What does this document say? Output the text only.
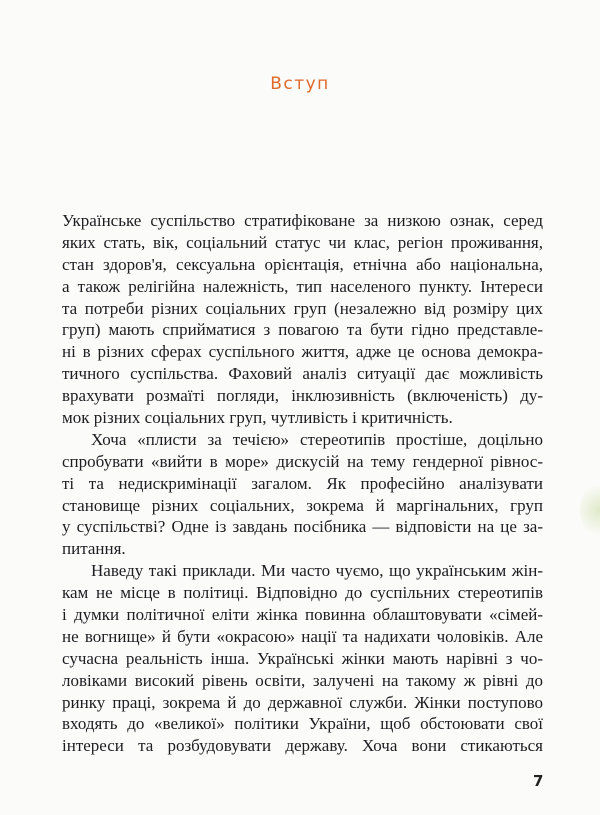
Вступ
Українське суспільство стратифіковане за низкою ознак, серед
яких стать, вік, соціальний статус чи клас, регіон проживання,
стан здоров'я, сексуальна орієнтація, етнічна або національна,
а також релігійна належність, тип населеного пункту. Інтереси
та потреби різних соціальних груп (незалежно від розміру цих
груп) мають сприйматися з повагою та бути гідно представле-
ні в різних сферах суспільного життя, адже це основа демокра-
тичного суспільства. Фаховий аналіз ситуації дає можливість
врахувати розмаїті погляди, інклюзивність (включеність) ду-
мок різних соціальних груп, чутливість і критичність.
Хоча «плисти за течією» стереотипів простіше, доцільно
спробувати «вийти в море» дискусій на тему гендерної рівнос-
ті та недискримінації загалом. Як професійно аналізувати
становище різних соціальних, зокрема й маргінальних, груп
у суспільстві? Одне із завдань посібника — відповісти на це за-
питання.
Наведу такі приклади. Ми часто чуємо, що українським жін-
кам не місце в політиці. Відповідно до суспільних стереотипів
і думки політичної еліти жінка повинна облаштовувати «сімей-
не вогнище» й бути «окрасою» нації та надихати чоловіків. Але
сучасна реальність інша. Українські жінки мають нарівні з чо-
ловіками високий рівень освіти, залучені на такому ж рівні до
ринку праці, зокрема й до державної служби. Жінки поступово
входять до «великої» політики України, щоб обстоювати свої
інтереси та розбудовувати державу. Хоча вони стикаються
7
